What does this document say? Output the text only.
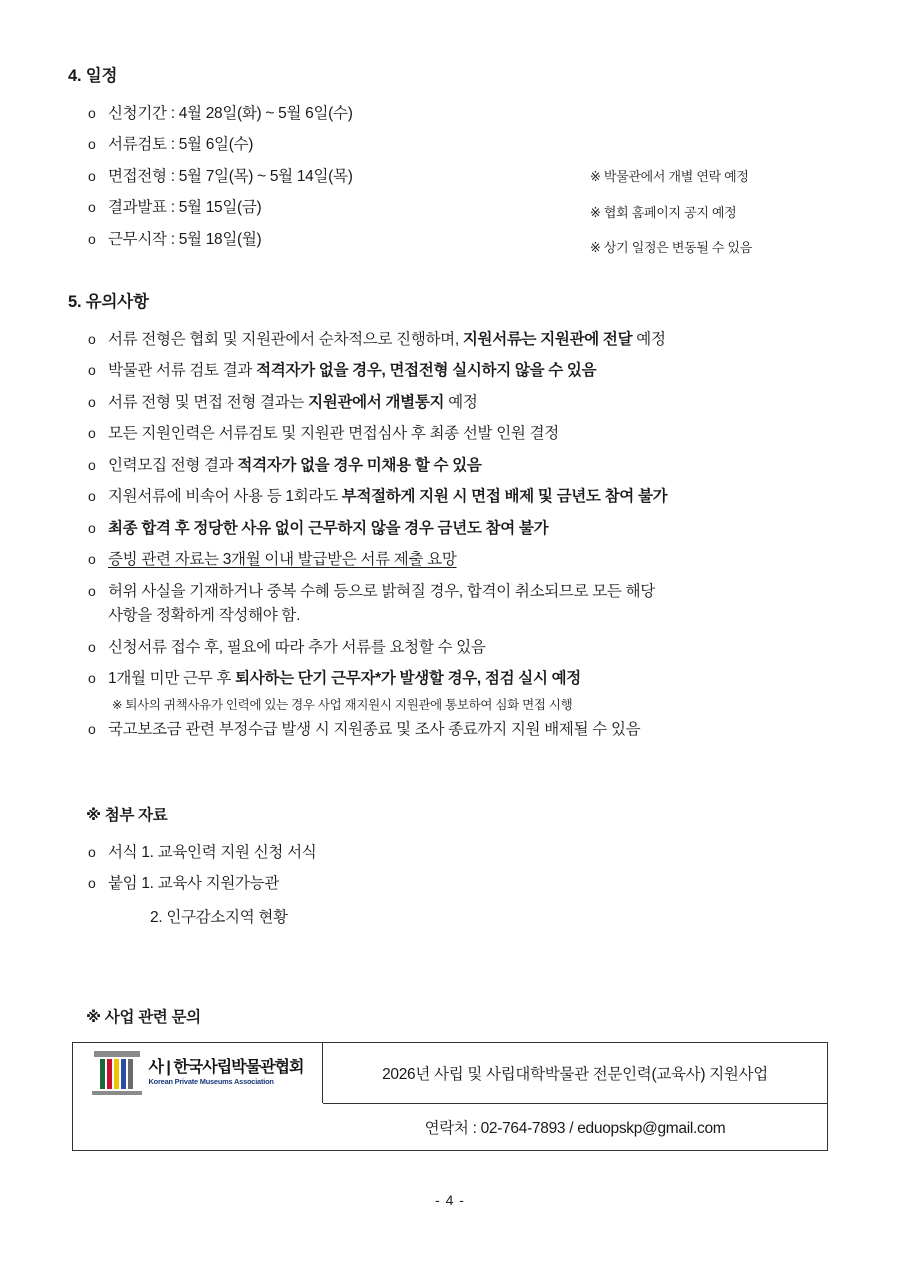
4. 일정
o 신청기간 : 4월 28일(화) ~ 5월 6일(수)
o 서류검토 : 5월 6일(수)
o 면접전형 : 5월 7일(목) ~ 5월 14일(목)
o 결과발표 : 5월 15일(금)
o 근무시작 : 5월 18일(월)
※ 박물관에서 개별 연락 예정
※ 협회 홈페이지 공지 예정
※ 상기 일정은 변동될 수 있음
5. 유의사항
o 서류 전형은 협회 및 지원관에서 순차적으로 진행하며, 지원서류는 지원관에 전달 예정
o 박물관 서류 검토 결과 적격자가 없을 경우, 면접전형 실시하지 않을 수 있음
o 서류 전형 및 면접 전형 결과는 지원관에서 개별통지 예정
o 모든 지원인력은 서류검토 및 지원관 면접심사 후 최종 선발 인원 결정
o 인력모집 전형 결과 적격자가 없을 경우 미채용 할 수 있음
o 지원서류에 비속어 사용 등 1회라도 부적절하게 지원 시 면접 배제 및 금년도 참여 불가
o 최종 합격 후 정당한 사유 없이 근무하지 않을 경우 금년도 참여 불가
o 증빙 관련 자료는 3개월 이내 발급받은 서류 제출 요망
o 허위 사실을 기재하거나 중복 수혜 등으로 밝혀질 경우, 합격이 취소되므로 모든 해당
사항을 정확하게 작성해야 함.
o 신청서류 접수 후, 필요에 따라 추가 서류를 요청할 수 있음
o 1개월 미만 근무 후 퇴사하는 단기 근무자*가 발생할 경우, 점검 실시 예정
※ 퇴사의 귀책사유가 인력에 있는 경우 사업 재지원시 지원관에 통보하여 심화 면접 시행
o 국고보조금 관련 부정수급 발생 시 지원종료 및 조사 종료까지 지원 배제될 수 있음
※ 첨부 자료
o 서식 1. 교육인력 지원 신청 서식
o 붙임 1. 교육사 지원가능관
2. 인구감소지역 현황
※ 사업 관련 문의
사 | 한국사립박물관협회
Korean Private Museums Association	2026년 사립 및 사립대학박물관 전문인력(교육사) 지원사업
연락처 : 02-764-7893 / eduopskp@gmail.com
- 4 -
